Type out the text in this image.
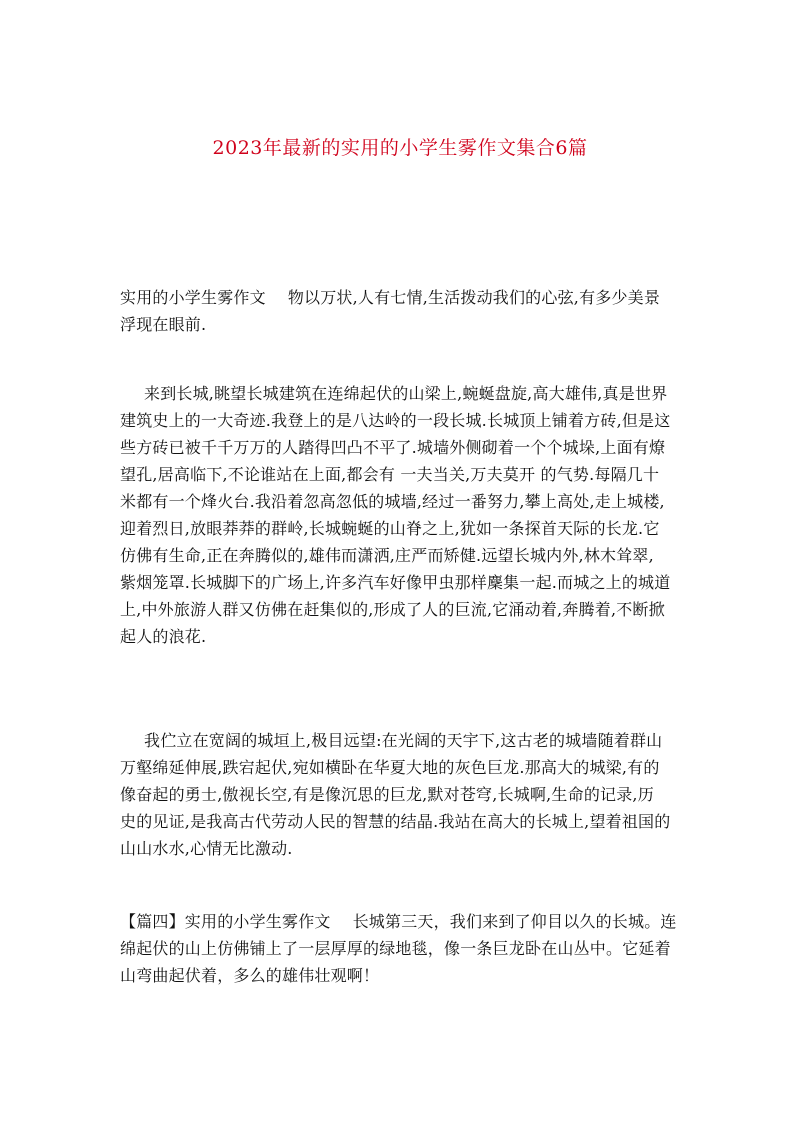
2023年最新的实用的小学生雾作文集合6篇

实用的小学生雾作文 物以万状,人有七情,生活拨动我们的心弦,有多少美景
浮现在眼前.

来到长城,眺望长城建筑在连绵起伏的山梁上,蜿蜒盘旋,高大雄伟,真是世界
建筑史上的一大奇迹.我登上的是八达岭的一段长城.长城顶上铺着方砖,但是这
些方砖已被千千万万的人踏得凹凸不平了.城墙外侧砌着一个个城垛,上面有燎
望孔,居高临下,不论谁站在上面,都会有 一夫当关,万夫莫开 的气势.每隔几十
米都有一个烽火台.我沿着忽高忽低的城墙,经过一番努力,攀上高处,走上城楼,
迎着烈日,放眼莽莽的群岭,长城蜿蜒的山脊之上,犹如一条探首天际的长龙.它
仿佛有生命,正在奔腾似的,雄伟而潇洒,庄严而矫健.远望长城内外,林木耸翠,
紫烟笼罩.长城脚下的广场上,许多汽车好像甲虫那样麇集一起.而城之上的城道
上,中外旅游人群又仿佛在赶集似的,形成了人的巨流,它涌动着,奔腾着,不断掀
起人的浪花.

我伫立在宽阔的城垣上,极目远望:在光阔的天宇下,这古老的城墙随着群山
万壑绵延伸展,跌宕起伏,宛如横卧在华夏大地的灰色巨龙.那高大的城梁,有的
像奋起的勇士,傲视长空,有是像沉思的巨龙,默对苍穹,长城啊,生命的记录,历
史的见证,是我高古代劳动人民的智慧的结晶.我站在高大的长城上,望着祖国的
山山水水,心情无比激动.

【篇四】实用的小学生雾作文 长城第三天，我们来到了仰目以久的长城。连
绵起伏的山上仿佛铺上了一层厚厚的绿地毯，像一条巨龙卧在山丛中。它延着
山弯曲起伏着，多么的雄伟壮观啊！
